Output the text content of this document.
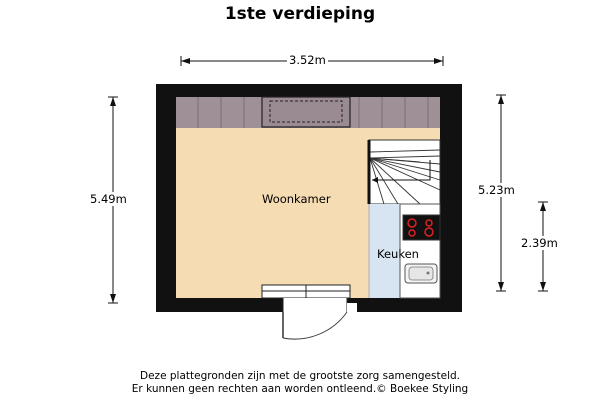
1ste verdieping
3.52m
5.49m
5.23m
2.39m
Woonkamer
Keuken
Deze plattegronden zijn met de grootste zorg samengesteld.
Er kunnen geen rechten aan worden ontleend.© Boekee Styling
